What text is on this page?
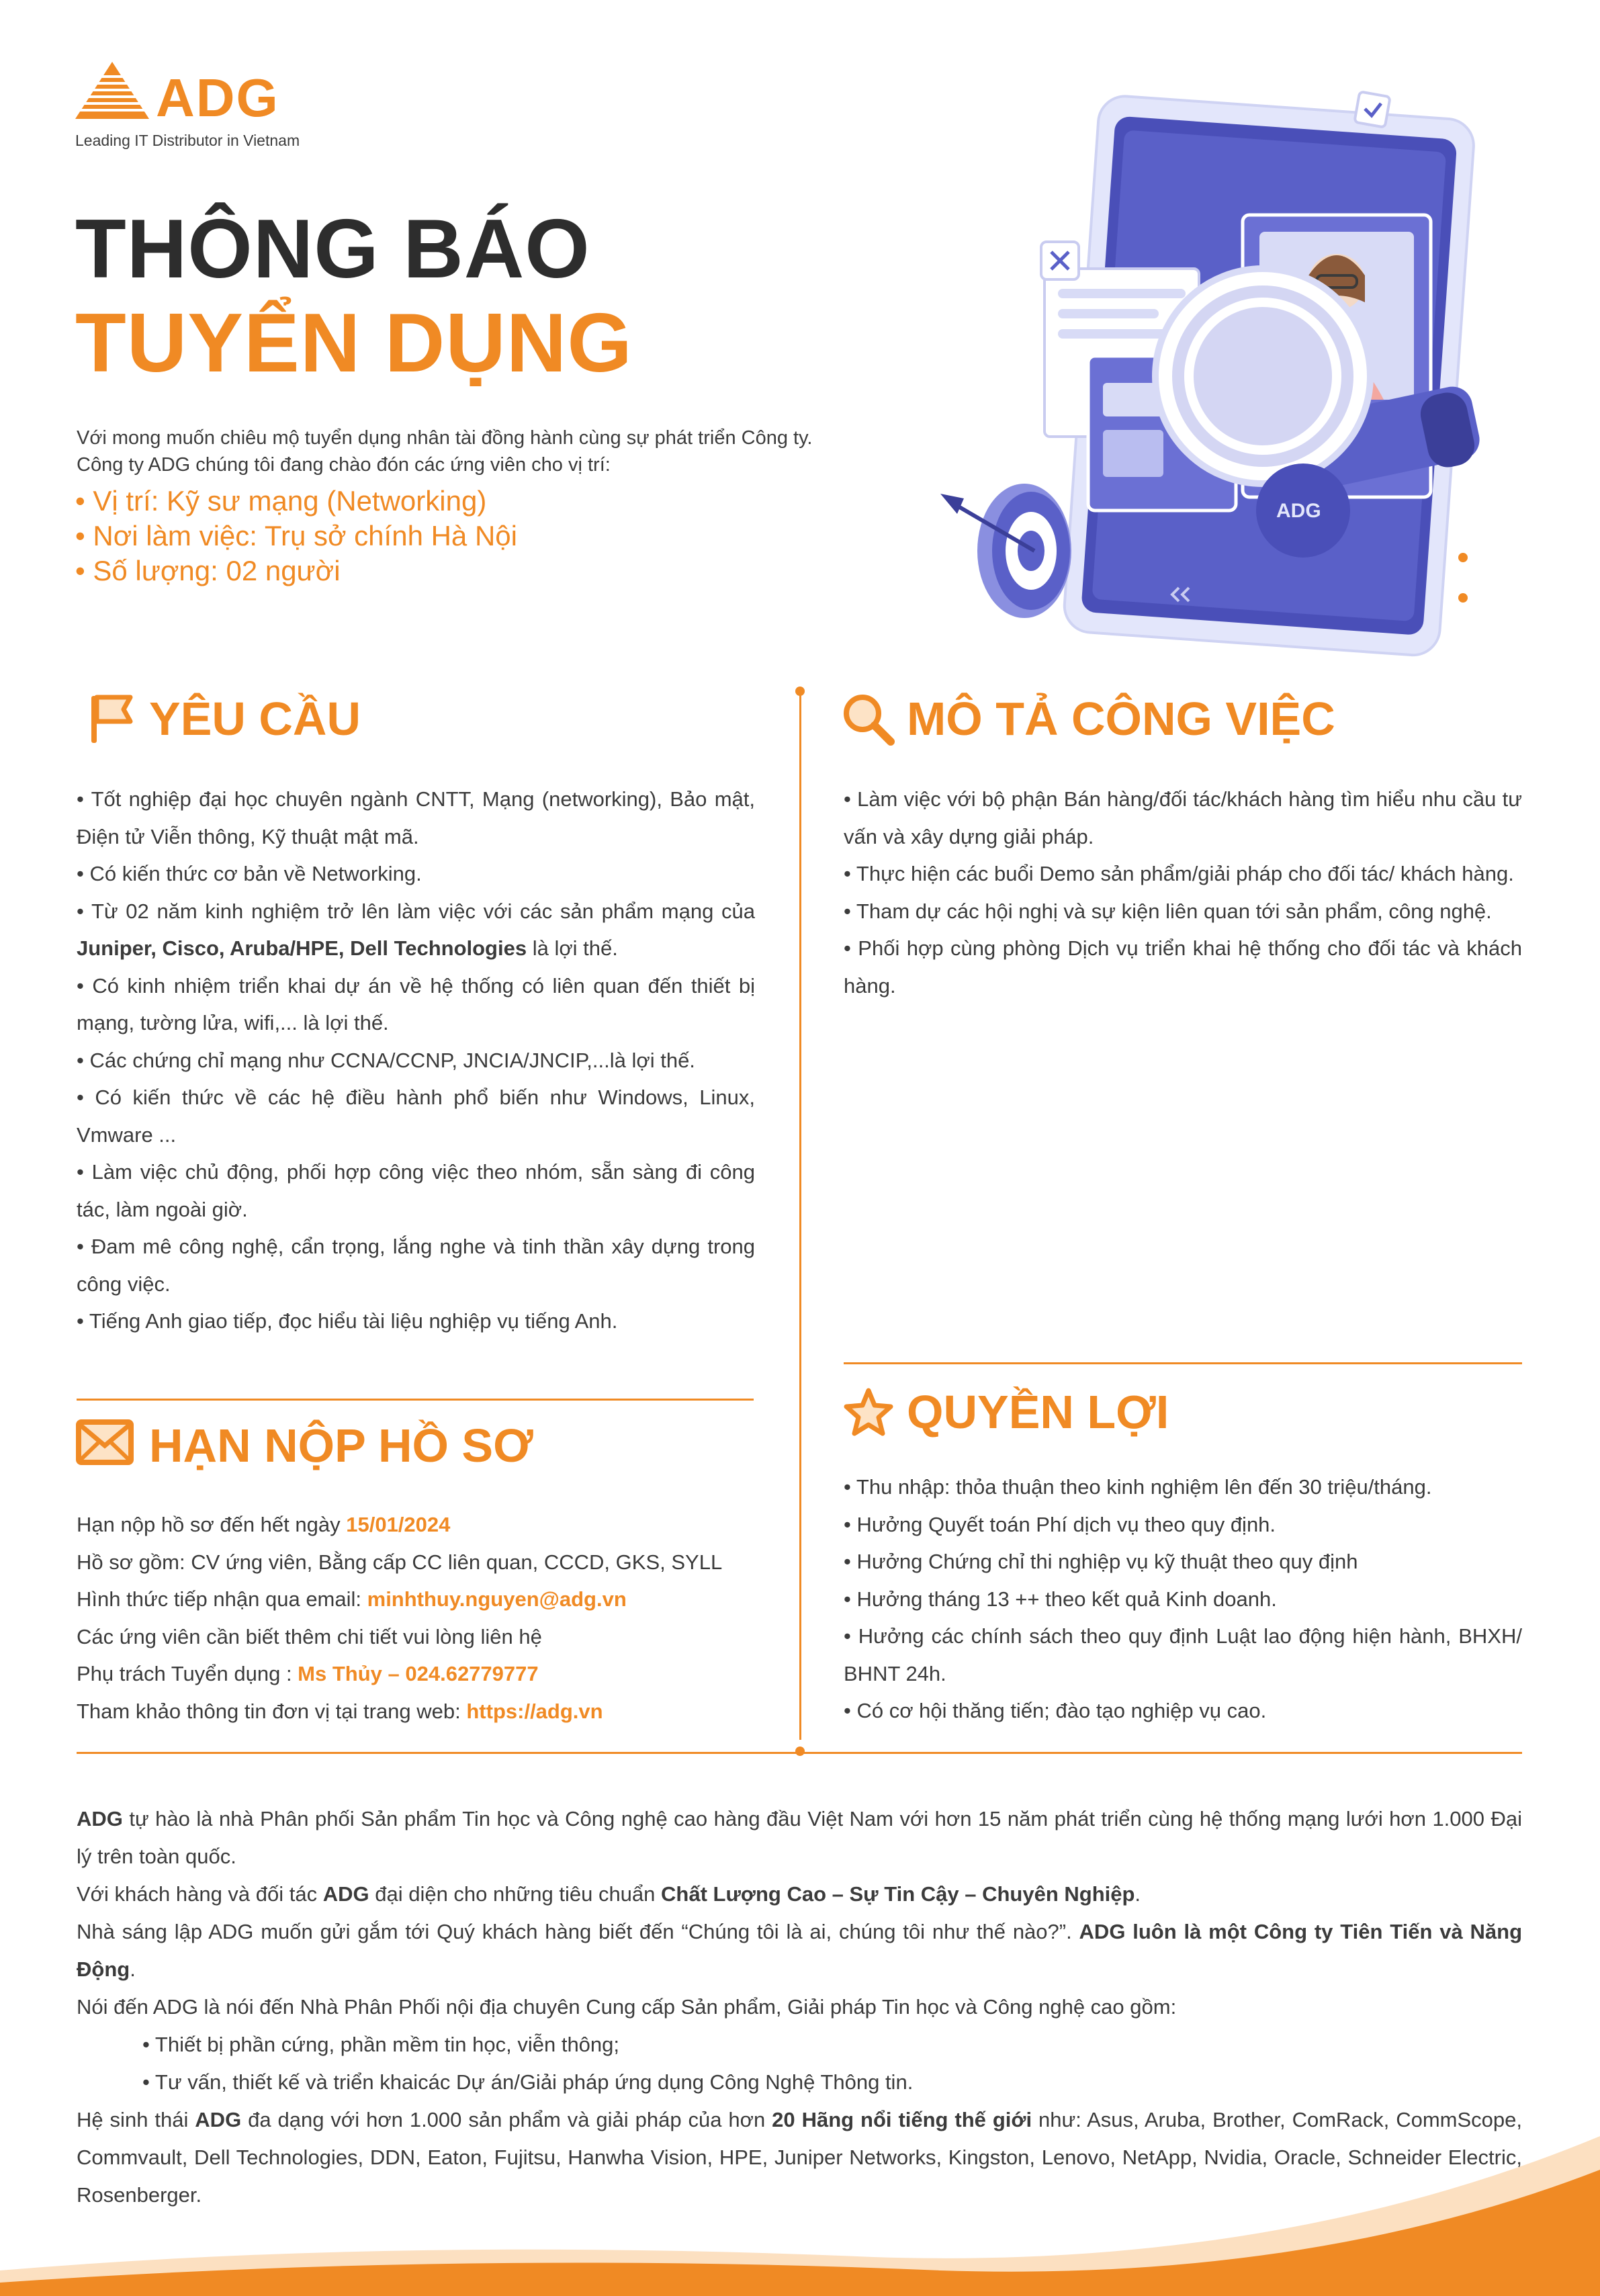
ADG
Leading IT Distributor in Vietnam
THÔNG BÁO
TUYỂN DỤNG
Với mong muốn chiêu mộ tuyển dụng nhân tài đồng hành cùng sự phát triển Công ty.
Công ty ADG chúng tôi đang chào đón các ứng viên cho vị trí:
• Vị trí: Kỹ sư mạng (Networking)
• Nơi làm việc: Trụ sở chính Hà Nội
• Số lượng: 02 người
ADG
YÊU CẦU

• Tốt nghiệp đại học chuyên ngành CNTT, Mạng (networking), Bảo mật, Điện tử Viễn thông, Kỹ thuật mật mã.

• Có kiến thức cơ bản về Networking.

• Từ 02 năm kinh nghiệm trở lên làm việc với các sản phẩm mạng của Juniper, Cisco, Aruba/HPE, Dell Technologies là lợi thế.

• Có kinh nhiệm triển khai dự án về hệ thống có liên quan đến thiết bị mạng, tường lửa, wifi,... là lợi thế.

• Các chứng chỉ mạng như CCNA/CCNP, JNCIA/JNCIP,...là lợi thế.

• Có kiến thức về các hệ điều hành phổ biến như Windows, Linux, Vmware ...

• Làm việc chủ động, phối hợp công việc theo nhóm, sẵn sàng đi công tác, làm ngoài giờ.

• Đam mê công nghệ, cẩn trọng, lắng nghe và tinh thần xây dựng trong công việc.

• Tiếng Anh giao tiếp, đọc hiểu tài liệu nghiệp vụ tiếng Anh.

MÔ TẢ CÔNG VIỆC

• Làm việc với bộ phận Bán hàng/đối tác/khách hàng tìm hiểu nhu cầu tư vấn và xây dựng giải pháp.

• Thực hiện các buổi Demo sản phẩm/giải pháp cho đối tác/ khách hàng.

• Tham dự các hội nghị và sự kiện liên quan tới sản phẩm, công nghệ.

• Phối hợp cùng phòng Dịch vụ triển khai hệ thống cho đối tác và khách hàng.

HẠN NỘP HỒ SƠ

Hạn nộp hồ sơ đến hết ngày 15/01/2024

Hồ sơ gồm: CV ứng viên, Bằng cấp CC liên quan, CCCD, GKS, SYLL

Hình thức tiếp nhận qua email: minhthuy.nguyen@adg.vn

Các ứng viên cần biết thêm chi tiết vui lòng liên hệ

Phụ trách Tuyển dụng : Ms Thủy – 024.62779777

Tham khảo thông tin đơn vị tại trang web: https://adg.vn

QUYỀN LỢI

• Thu nhập: thỏa thuận theo kinh nghiệm lên đến 30 triệu/tháng.

• Hưởng Quyết toán Phí dịch vụ theo quy định.

• Hưởng Chứng chỉ thi nghiệp vụ kỹ thuật theo quy định

• Hưởng tháng 13 ++ theo kết quả Kinh doanh.

• Hưởng các chính sách theo quy định Luật lao động hiện hành, BHXH/ BHNT 24h.

• Có cơ hội thăng tiến; đào tạo nghiệp vụ cao.

ADG tự hào là nhà Phân phối Sản phẩm Tin học và Công nghệ cao hàng đầu Việt Nam với hơn 15 năm phát triển cùng hệ thống mạng lưới hơn 1.000 Đại lý trên toàn quốc.

Với khách hàng và đối tác ADG đại diện cho những tiêu chuẩn Chất Lượng Cao – Sự Tin Cậy – Chuyên Nghiệp.

Nhà sáng lập ADG muốn gửi gắm tới Quý khách hàng biết đến “Chúng tôi là ai, chúng tôi như thế nào?”. ADG luôn là một Công ty Tiên Tiến và Năng Động.

Nói đến ADG là nói đến Nhà Phân Phối nội địa chuyên Cung cấp Sản phẩm, Giải pháp Tin học và Công nghệ cao gồm:

• Thiết bị phần cứng, phần mềm tin học, viễn thông;

• Tư vấn, thiết kế và triển khaicác Dự án/Giải pháp ứng dụng Công Nghệ Thông tin.

Hệ sinh thái ADG đa dạng với hơn 1.000 sản phẩm và giải pháp của hơn 20 Hãng nổi tiếng thế giới như: Asus, Aruba, Brother, ComRack, CommScope, Commvault, Dell Technologies, DDN, Eaton, Fujitsu, Hanwha Vision, HPE, Juniper Networks, Kingston, Lenovo, NetApp, Nvidia, Oracle, Schneider Electric, Rosenberger.
